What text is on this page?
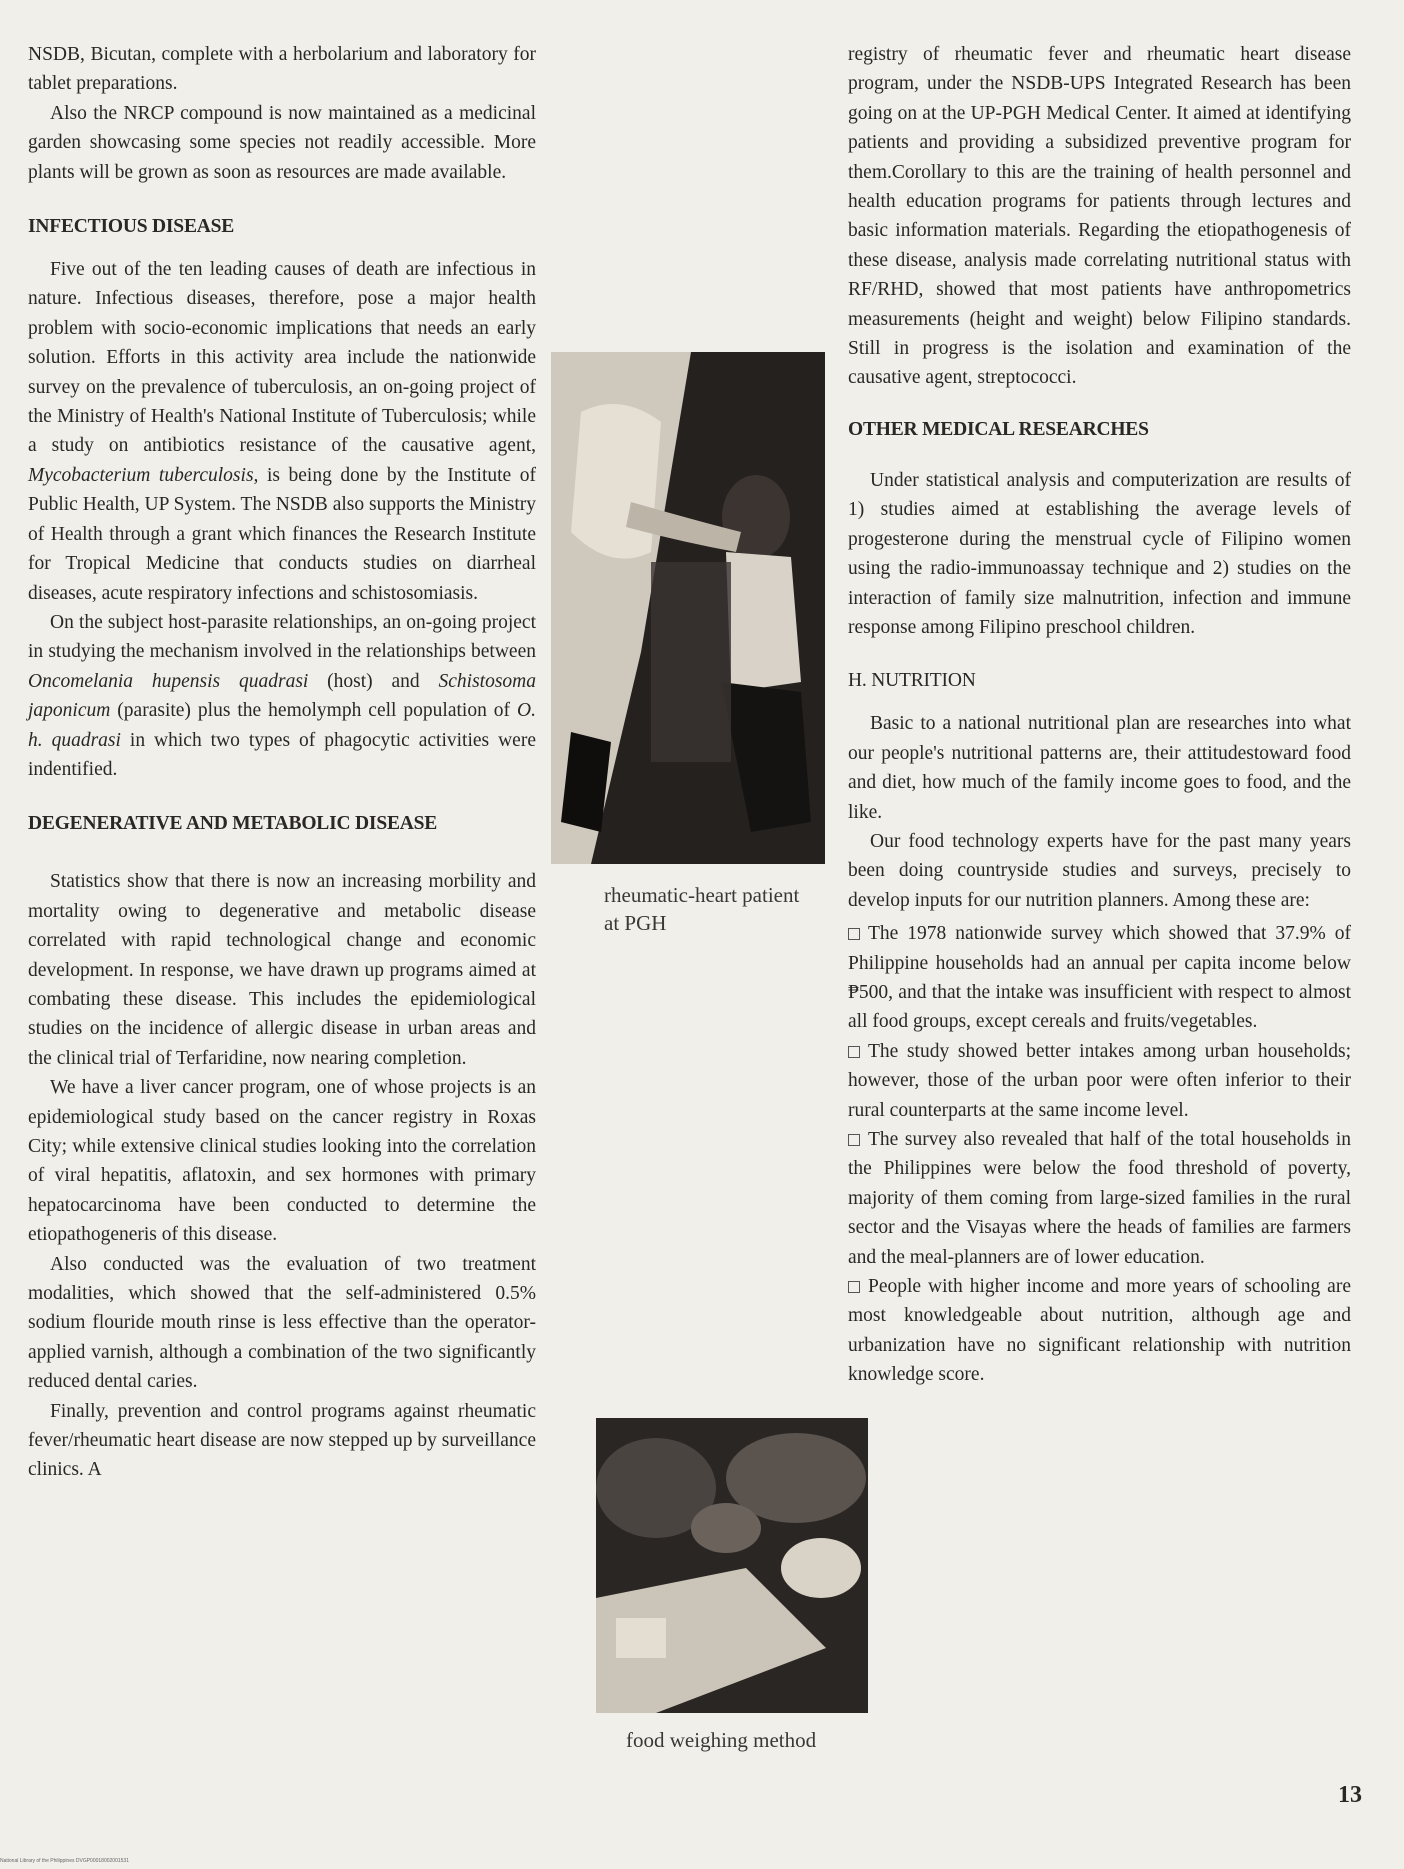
NSDB, Bicutan, complete with a herbolarium and laboratory for tablet preparations.

Also the NRCP compound is now maintained as a medicinal garden showcasing some species not readily accessible. More plants will be grown as soon as resources are made available.

INFECTIOUS DISEASE

Five out of the ten leading causes of death are infectious in nature. Infectious diseases, therefore, pose a major health problem with socio-economic implications that needs an early solution. Efforts in this activity area include the nationwide survey on the prevalence of tuberculosis, an on-going project of the Ministry of Health's National Institute of Tuberculosis; while a study on antibiotics resistance of the causative agent, Mycobacterium tuberculosis, is being done by the Institute of Public Health, UP System. The NSDB also supports the Ministry of Health through a grant which finances the Research Institute for Tropical Medicine that conducts studies on diarrheal diseases, acute respiratory infections and schistosomiasis.

On the subject host-parasite relationships, an on-going project in studying the mechanism involved in the relationships between Oncomelania hupensis quadrasi (host) and Schistosoma japonicum (parasite) plus the hemolymph cell population of O. h. quadrasi in which two types of phagocytic activities were indentified.

DEGENERATIVE AND METABOLIC DISEASE

Statistics show that there is now an increasing morbility and mortality owing to degenerative and metabolic disease correlated with rapid technological change and economic development. In response, we have drawn up programs aimed at combating these disease. This includes the epidemiological studies on the incidence of allergic disease in urban areas and the clinical trial of Terfaridine, now nearing completion.

We have a liver cancer program, one of whose projects is an epidemiological study based on the cancer registry in Roxas City; while extensive clinical studies looking into the correlation of viral hepatitis, aflatoxin, and sex hormones with primary hepatocarcinoma have been conducted to determine the etiopathogeneris of this disease.

Also conducted was the evaluation of two treatment modalities, which showed that the self-administered 0.5% sodium flouride mouth rinse is less effective than the operator-applied varnish, although a combination of the two significantly reduced dental caries.

Finally, prevention and control programs against rheumatic fever/rheumatic heart disease are now stepped up by surveillance clinics. A

rheumatic-heart patient at PGH
food weighing method

registry of rheumatic fever and rheumatic heart disease program, under the NSDB-UPS Integrated Research has been going on at the UP-PGH Medical Center. It aimed at identifying patients and providing a subsidized preventive program for them.Corollary to this are the training of health personnel and health education programs for patients through lectures and basic information materials. Regarding the etiopathogenesis of these disease, analysis made correlating nutritional status with RF/RHD, showed that most patients have anthropometrics measurements (height and weight) below Filipino standards. Still in progress is the isolation and examination of the causative agent, streptococci.

OTHER MEDICAL RESEARCHES

Under statistical analysis and computerization are results of 1) studies aimed at establishing the average levels of progesterone during the menstrual cycle of Filipino women using the radio-immunoassay technique and 2) studies on the interaction of family size malnutrition, infection and immune response among Filipino preschool children.

H. NUTRITION

Basic to a national nutritional plan are researches into what our people's nutritional patterns are, their attitudestoward food and diet, how much of the family income goes to food, and the like.

Our food technology experts have for the past many years been doing countryside studies and surveys, precisely to develop inputs for our nutrition planners. Among these are:

The 1978 nationwide survey which showed that 37.9% of Philippine households had an annual per capita income below ₱500, and that the intake was insufficient with respect to almost all food groups, except cereals and fruits/vegetables.

The study showed better intakes among urban households; however, those of the urban poor were often inferior to their rural counterparts at the same income level.

The survey also revealed that half of the total households in the Philippines were below the food threshold of poverty, majority of them coming from large-sized families in the rural sector and the Visayas where the heads of families are farmers and the meal-planners are of lower education.

People with higher income and more years of schooling are most knowledgeable about nutrition, although age and urbanization have no significant relationship with nutrition knowledge score.

13
National Library of the Philippines DVGP00018002001531
